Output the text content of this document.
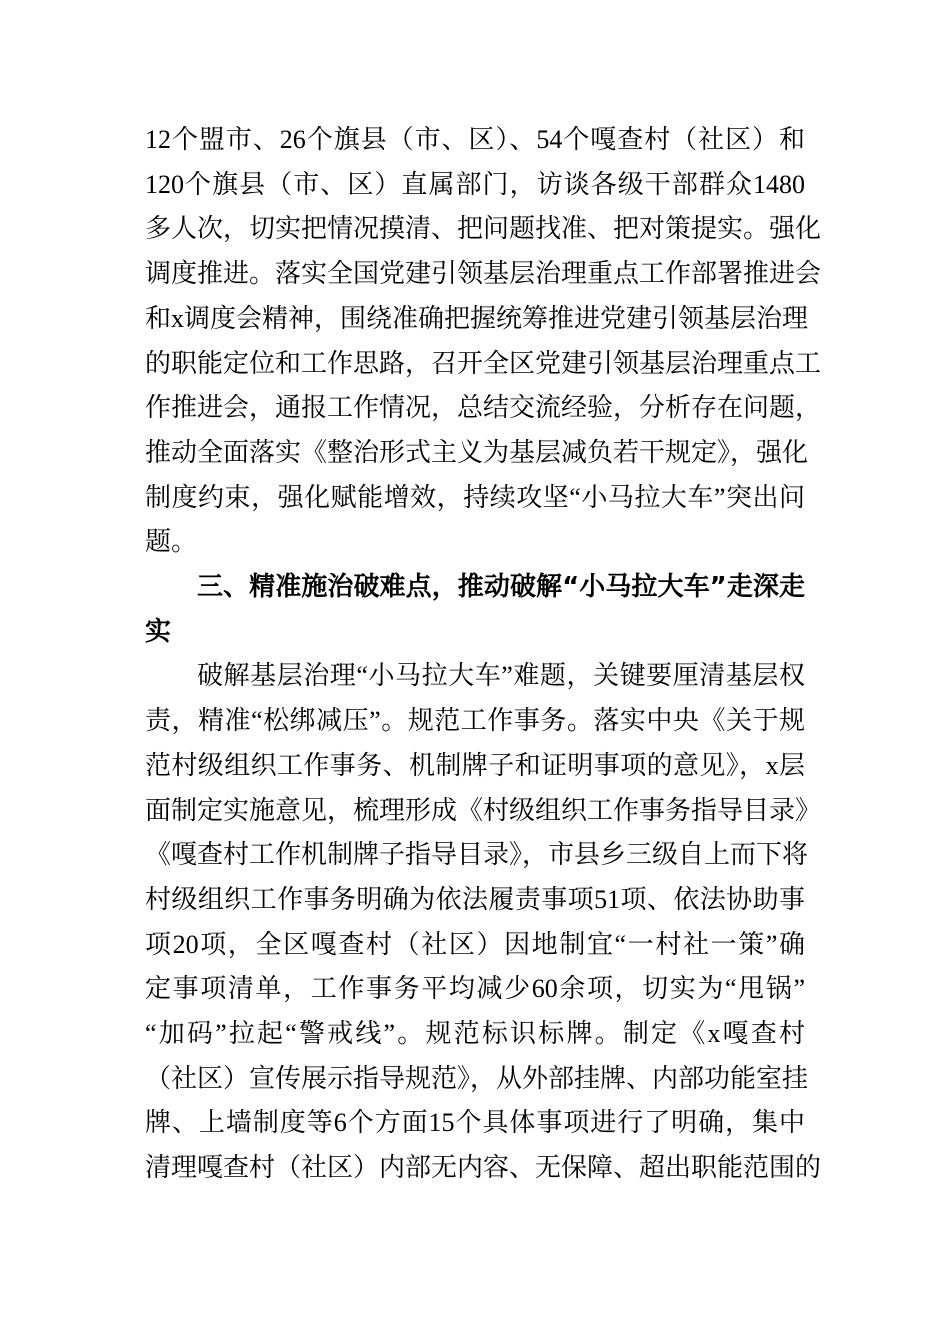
12个盟市、26个旗县（市、区）、54个嘎查村（社区）和
120个旗县（市、区）直属部门，访谈各级干部群众1480
多人次，切实把情况摸清、把问题找准、把对策提实。强化
调度推进。落实全国党建引领基层治理重点工作部署推进会
和x调度会精神，围绕准确把握统筹推进党建引领基层治理
的职能定位和工作思路，召开全区党建引领基层治理重点工
作推进会，通报工作情况，总结交流经验，分析存在问题，
推动全面落实《整治形式主义为基层减负若干规定》，强化
制度约束，强化赋能增效，持续攻坚“小马拉大车”突出问
题。
三、精准施治破难点，推动破解“小马拉大车”走深走
实
破解基层治理“小马拉大车”难题，关键要厘清基层权
责，精准“松绑减压”。规范工作事务。落实中央《关于规
范村级组织工作事务、机制牌子和证明事项的意见》，x层
面制定实施意见，梳理形成《村级组织工作事务指导目录》
《嘎查村工作机制牌子指导目录》，市县乡三级自上而下将
村级组织工作事务明确为依法履责事项51项、依法协助事
项20项，全区嘎查村（社区）因地制宜“一村社一策”确
定事项清单，工作事务平均减少60余项，切实为“甩锅”
“加码”拉起“警戒线”。规范标识标牌。制定《x嘎查村
（社区）宣传展示指导规范》，从外部挂牌、内部功能室挂
牌、上墙制度等6个方面15个具体事项进行了明确，集中
清理嘎查村（社区）内部无内容、无保障、超出职能范围的
